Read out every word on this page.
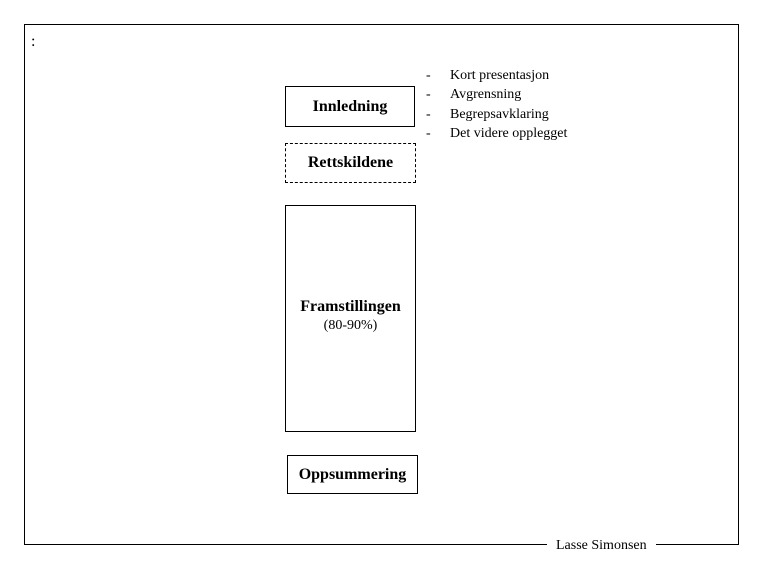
:
Innledning
Rettskildene
Framstillingen
(80-90%)
Oppsummering
-	Kort presentasjon
-	Avgrensning
-	Begrepsavklaring
-	Det videre opplegget
Lasse Simonsen
